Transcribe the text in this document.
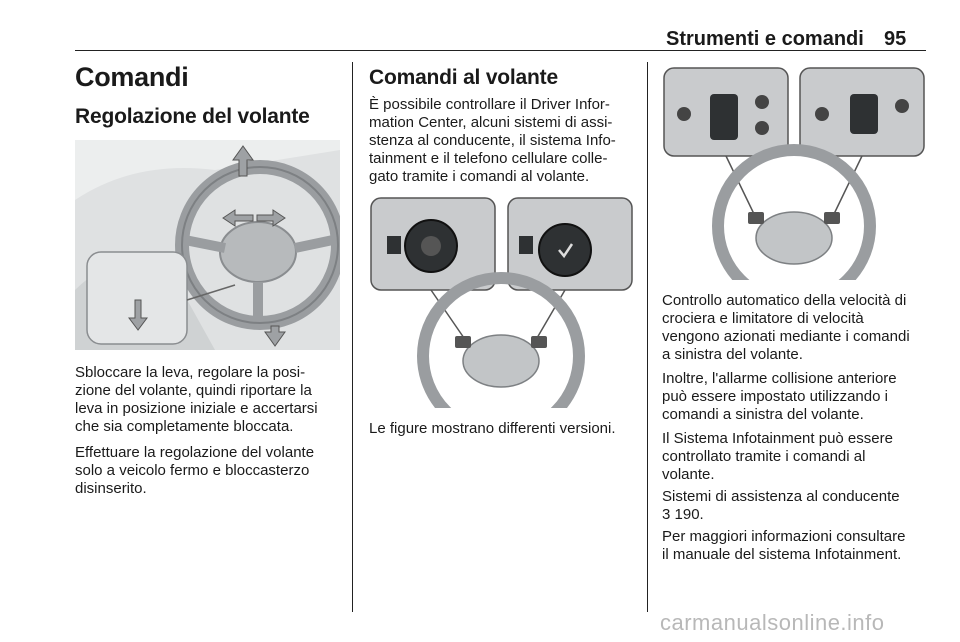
Strumenti e comandi 95
Comandi
Regolazione del volante

Sbloccare la leva, regolare la posi-
zione del volante, quindi riportare la
leva in posizione iniziale e accertarsi
che sia completamente bloccata.

Effettuare la regolazione del volante
solo a veicolo fermo e bloccasterzo
disinserito.

Comandi al volante

È possibile controllare il Driver Infor-
mation Center, alcuni sistemi di assi-
stenza al conducente, il sistema Info-
tainment e il telefono cellulare colle-
gato tramite i comandi al volante.

Le figure mostrano differenti versioni.

Controllo automatico della velocità di
crociera e limitatore di velocità
vengono azionati mediante i comandi
a sinistra del volante.

Inoltre, l'allarme collisione anteriore
può essere impostato utilizzando i
comandi a sinistra del volante.

Il Sistema Infotainment può essere
controllato tramite i comandi al
volante.

Sistemi di assistenza al conducente
3 190.

Per maggiori informazioni consultare
il manuale del sistema Infotainment.

carmanualsonline.info
